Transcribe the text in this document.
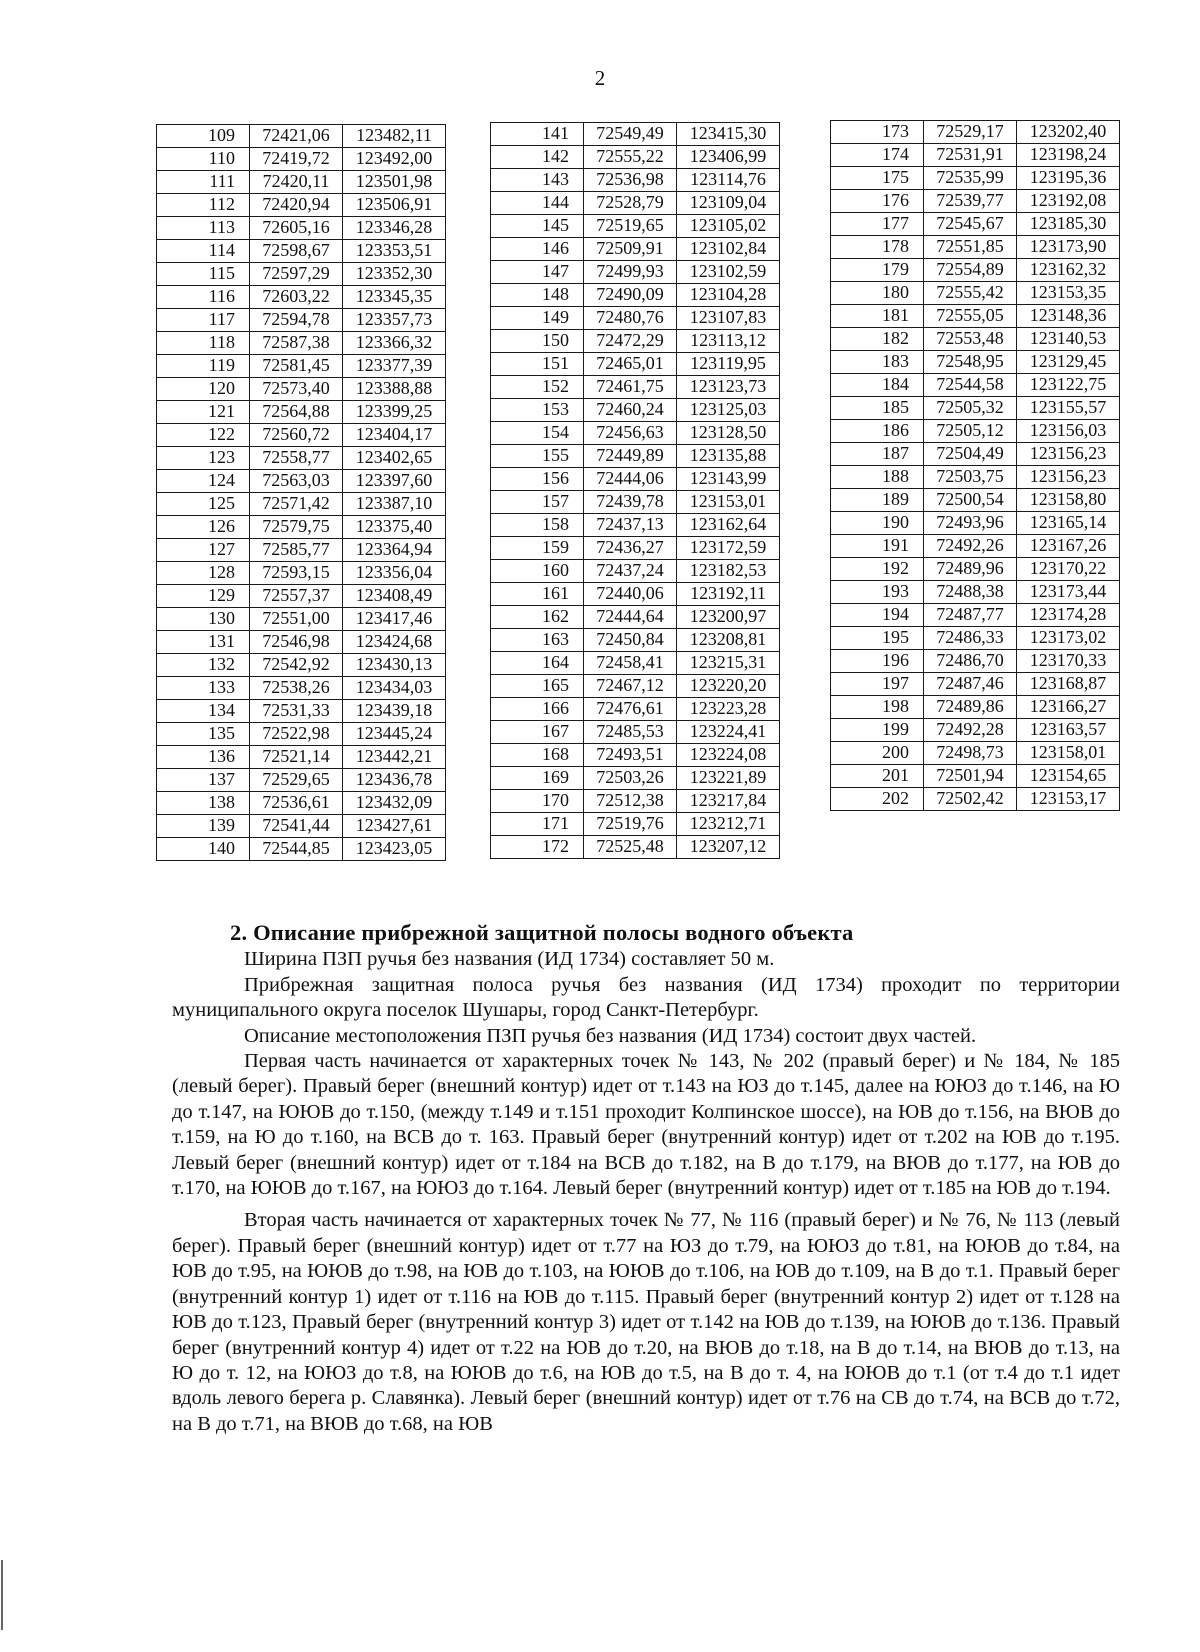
2
109	72421,06	123482,11
110	72419,72	123492,00
111	72420,11	123501,98
112	72420,94	123506,91
113	72605,16	123346,28
114	72598,67	123353,51
115	72597,29	123352,30
116	72603,22	123345,35
117	72594,78	123357,73
118	72587,38	123366,32
119	72581,45	123377,39
120	72573,40	123388,88
121	72564,88	123399,25
122	72560,72	123404,17
123	72558,77	123402,65
124	72563,03	123397,60
125	72571,42	123387,10
126	72579,75	123375,40
127	72585,77	123364,94
128	72593,15	123356,04
129	72557,37	123408,49
130	72551,00	123417,46
131	72546,98	123424,68
132	72542,92	123430,13
133	72538,26	123434,03
134	72531,33	123439,18
135	72522,98	123445,24
136	72521,14	123442,21
137	72529,65	123436,78
138	72536,61	123432,09
139	72541,44	123427,61
140	72544,85	123423,05
141	72549,49	123415,30
142	72555,22	123406,99
143	72536,98	123114,76
144	72528,79	123109,04
145	72519,65	123105,02
146	72509,91	123102,84
147	72499,93	123102,59
148	72490,09	123104,28
149	72480,76	123107,83
150	72472,29	123113,12
151	72465,01	123119,95
152	72461,75	123123,73
153	72460,24	123125,03
154	72456,63	123128,50
155	72449,89	123135,88
156	72444,06	123143,99
157	72439,78	123153,01
158	72437,13	123162,64
159	72436,27	123172,59
160	72437,24	123182,53
161	72440,06	123192,11
162	72444,64	123200,97
163	72450,84	123208,81
164	72458,41	123215,31
165	72467,12	123220,20
166	72476,61	123223,28
167	72485,53	123224,41
168	72493,51	123224,08
169	72503,26	123221,89
170	72512,38	123217,84
171	72519,76	123212,71
172	72525,48	123207,12
173	72529,17	123202,40
174	72531,91	123198,24
175	72535,99	123195,36
176	72539,77	123192,08
177	72545,67	123185,30
178	72551,85	123173,90
179	72554,89	123162,32
180	72555,42	123153,35
181	72555,05	123148,36
182	72553,48	123140,53
183	72548,95	123129,45
184	72544,58	123122,75
185	72505,32	123155,57
186	72505,12	123156,03
187	72504,49	123156,23
188	72503,75	123156,23
189	72500,54	123158,80
190	72493,96	123165,14
191	72492,26	123167,26
192	72489,96	123170,22
193	72488,38	123173,44
194	72487,77	123174,28
195	72486,33	123173,02
196	72486,70	123170,33
197	72487,46	123168,87
198	72489,86	123166,27
199	72492,28	123163,57
200	72498,73	123158,01
201	72501,94	123154,65
202	72502,42	123153,17
2. Описание прибрежной защитной полосы водного объекта

Ширина ПЗП ручья без названия (ИД 1734) составляет 50 м.

Прибрежная защитная полоса ручья без названия (ИД 1734) проходит по территории муниципального округа поселок Шушары, город Санкт-Петербург.

Описание местоположения ПЗП ручья без названия (ИД 1734) состоит двух частей.

Первая часть начинается от характерных точек № 143, № 202 (правый берег) и № 184, № 185 (левый берег). Правый берег (внешний контур) идет от т.143 на ЮЗ до т.145, далее на ЮЮЗ до т.146, на Ю до т.147, на ЮЮВ до т.150, (между т.149 и т.151 проходит Колпинское шоссе), на ЮВ до т.156, на ВЮВ до т.159, на Ю до т.160, на ВСВ до т. 163. Правый берег (внутренний контур) идет от т.202 на ЮВ до т.195. Левый берег (внешний контур) идет от т.184 на ВСВ до т.182, на В до т.179, на ВЮВ до т.177, на ЮВ до т.170, на ЮЮВ до т.167, на ЮЮЗ до т.164. Левый берег (внутренний контур) идет от т.185 на ЮВ до т.194.

Вторая часть начинается от характерных точек № 77, № 116 (правый берег) и № 76, № 113 (левый берег). Правый берег (внешний контур) идет от т.77 на ЮЗ до т.79, на ЮЮЗ до т.81, на ЮЮВ до т.84, на ЮВ до т.95, на ЮЮВ до т.98, на ЮВ до т.103, на ЮЮВ до т.106, на ЮВ до т.109, на В до т.1. Правый берег (внутренний контур 1) идет от т.116 на ЮВ до т.115. Правый берег (внутренний контур 2) идет от т.128 на ЮВ до т.123, Правый берег (внутренний контур 3) идет от т.142 на ЮВ до т.139, на ЮЮВ до т.136. Правый берег (внутренний контур 4) идет от т.22 на ЮВ до т.20, на ВЮВ до т.18, на В до т.14, на ВЮВ до т.13, на Ю до т. 12, на ЮЮЗ до т.8, на ЮЮВ до т.6, на ЮВ до т.5, на В до т. 4, на ЮЮВ до т.1 (от т.4 до т.1 идет вдоль левого берега р. Славянка). Левый берег (внешний контур) идет от т.76 на СВ до т.74, на ВСВ до т.72, на В до т.71, на ВЮВ до т.68, на ЮВ
